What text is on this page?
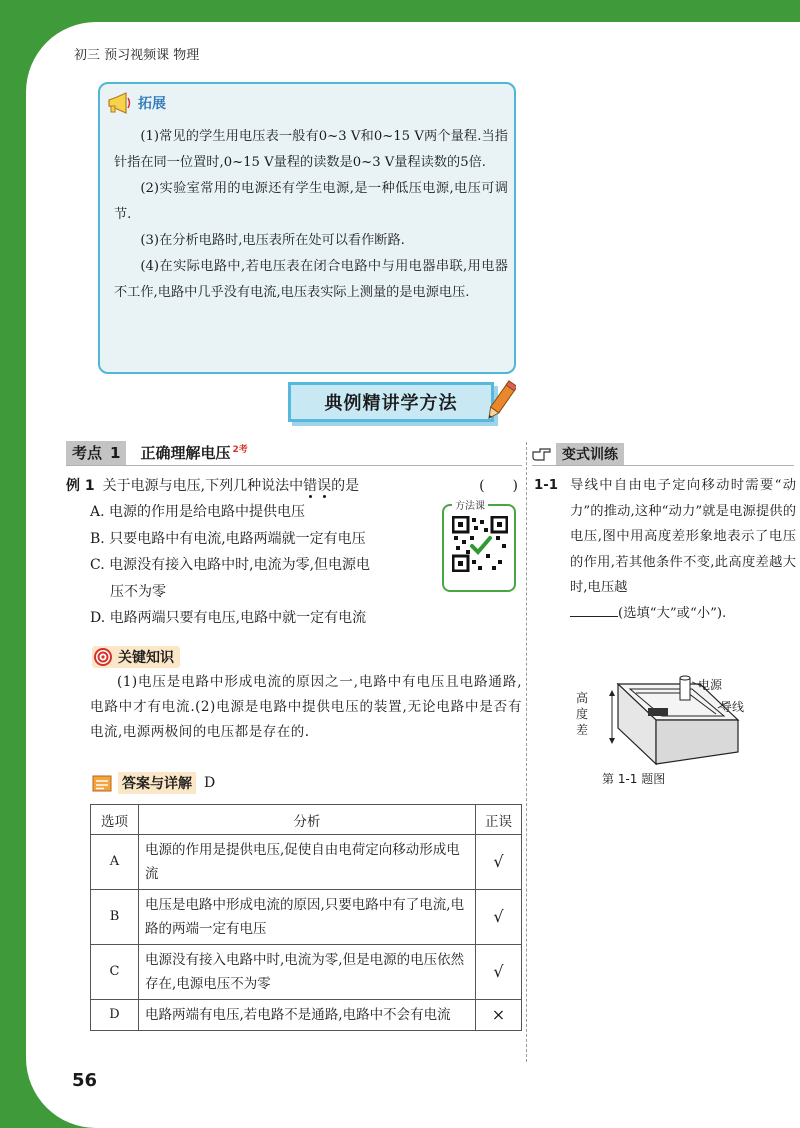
初三 预习视频课 物理
拓展

(1)常见的学生用电压表一般有0~3 V和0~15 V两个量程.当指针指在同一位置时,0~15 V量程的读数是0~3 V量程读数的5倍.

(2)实验室常用的电源还有学生电源,是一种低压电源,电压可调节.

(3)在分析电路时,电压表所在处可以看作断路.

(4)在实际电路中,若电压表在闭合电路中与用电器串联,用电器不工作,电路中几乎没有电流,电压表实际上测量的是电源电压.

典例精讲学方法
考点 1 正确理解电压 $^{2考}$
例 1 关于电源与电压,下列几种说法中错误的是	(　　)
A. 电源的作用是给电路中提供电压
B. 只要电路中有电流,电路两端就一定有电压
C. 电源没有接入电路中时,电流为零,但电源电
压不为零
D. 电路两端只要有电压,电路中就一定有电流
方法课
关键知识
(1)电压是电路中形成电流的原因之一,电路中有电压且电路通路,电路中才有电流.(2)电源是电路中提供电压的装置,无论电路中是否有电流,电源两极间的电压都是存在的.
答案与详解 D
选项	分析	正误
A	电源的作用是提供电压,促使自由电荷定向移动形成电流	√
B	电压是电路中形成电流的原因,只要电路中有了电流,电路的两端一定有电压	√
C	电源没有接入电路中时,电流为零,但是电源的电压依然存在,电源电压不为零	√
D	电路两端有电压,若电路不是通路,电路中不会有电流	×
变式训练
1-1 导线中自由电子定向移动时需要“动力”的推动,这种“动力”就是电源提供的电压,图中用高度差形象地表示了电压的作用,若其他条件不变,此高度差越大时,电压越
(选填“大”或“小”).
电源
导线
高度差
第 1-1 题图
56
